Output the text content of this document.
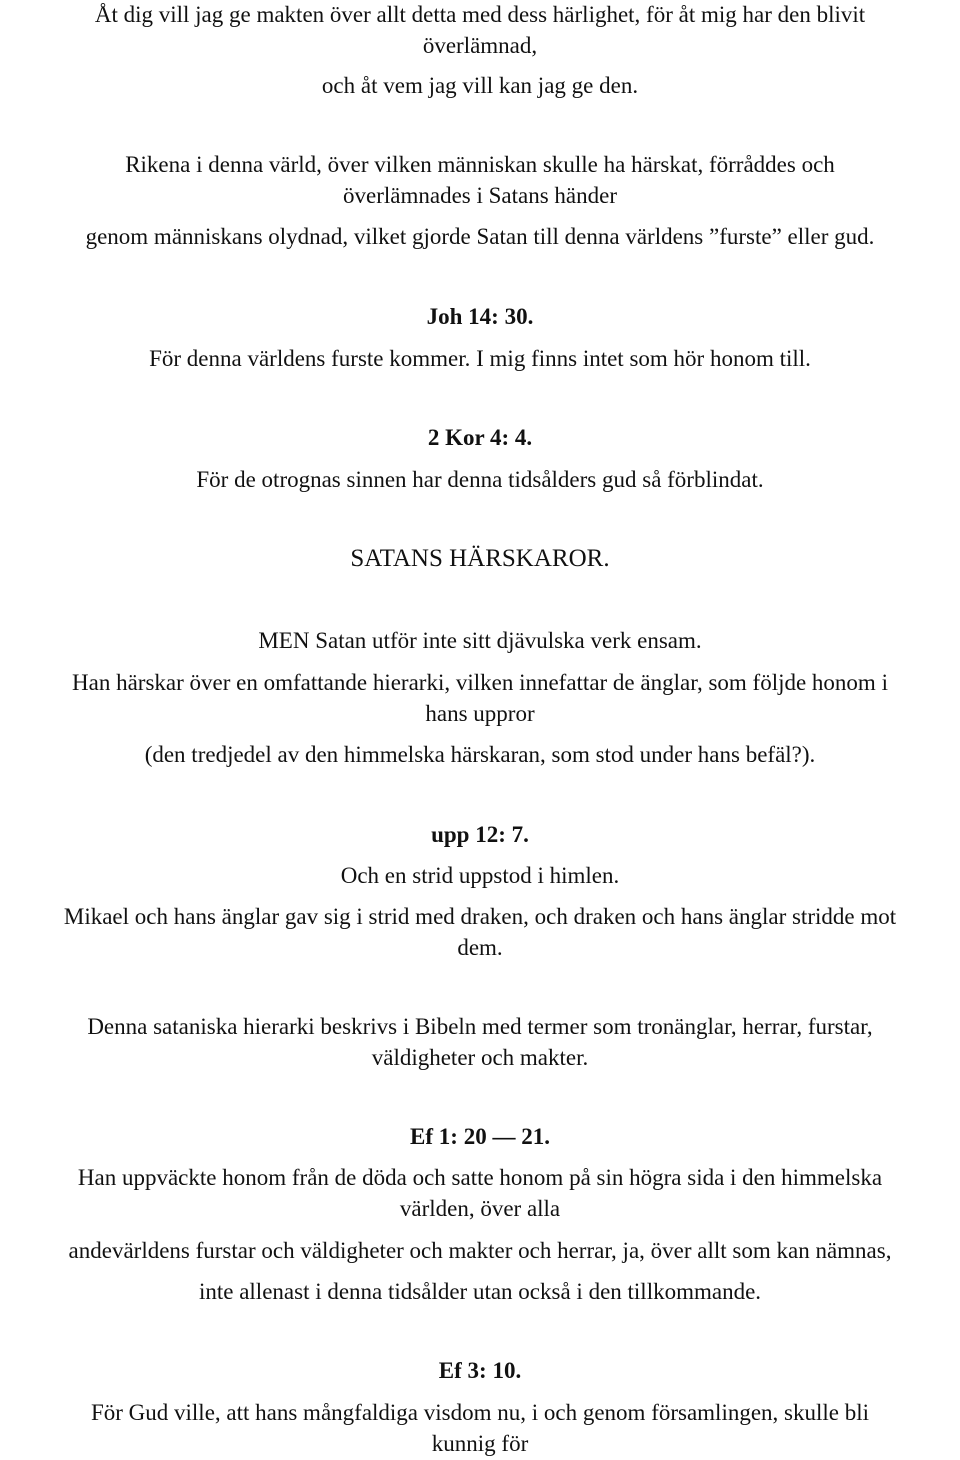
Åt dig vill jag ge makten över allt detta med dess härlighet, för åt mig har den blivit

överlämnad,

och åt vem jag vill kan jag ge den.

Rikena i denna värld, över vilken människan skulle ha härskat, förråddes och

överlämnades i Satans händer

genom människans olydnad, vilket gjorde Satan till denna världens ”furste” eller gud.

Joh 14: 30.

För denna världens furste kommer. I mig finns intet som hör honom till.

2 Kor 4: 4.

För de otrognas sinnen har denna tidsålders gud så förblindat.

SATANS HÄRSKAROR.

MEN Satan utför inte sitt djävulska verk ensam.

Han härskar över en omfattande hierarki, vilken innefattar de änglar, som följde honom i

hans uppror

(den tredjedel av den himmelska härskaran, som stod under hans befäl?).

upp 12: 7.

Och en strid uppstod i himlen.

Mikael och hans änglar gav sig i strid med draken, och draken och hans änglar stridde mot

dem.

Denna sataniska hierarki beskrivs i Bibeln med termer som tronänglar, herrar, furstar,

väldigheter och makter.

Ef 1: 20 — 21.

Han uppväckte honom från de döda och satte honom på sin högra sida i den himmelska

världen, över alla

andevärldens furstar och väldigheter och makter och herrar, ja, över allt som kan nämnas,

inte allenast i denna tidsålder utan också i den tillkommande.

Ef 3: 10.

För Gud ville, att hans mångfaldiga visdom nu, i och genom församlingen, skulle bli

kunnig för
